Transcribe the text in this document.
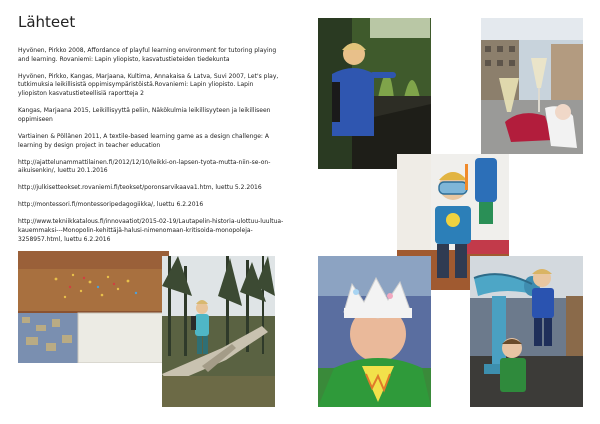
Lähteet

Hyvönen, Pirkko 2008, Affordance of playful learning environment for tutoring playing and learning. Rovaniemi: Lapin yliopisto, kasvatustieteiden tiedekunta

Hyvönen, Pirkko, Kangas, Marjaana, Kultima, Annakaisa & Latva, Suvi 2007, Let's play, tutkimuksia leikillisistä oppimisympäristöistä.Rovaniemi: Lapin yliopisto. Lapin yliopiston kasvatustieteellisiä raportteja 2

Kangas, Marjaana 2015, Leikillisyyttä peliin, Näkökulmia leikillisyyteen ja leikilliseen oppimiseen

Vartiainen & Pöllänen 2011, A textile-based learning game as a design challenge: A learning by design project in teacher education

http://ajattelunammattilainen.fi/2012/12/10/leikki-on-lapsen-tyota-mutta-niin-se-on-aikuisenkin/, luettu 20.1.2016

http://julkisetteokset.rovaniemi.fi/teokset/poronsarvikaava1.htm, luettu 5.2.2016

http://montessori.fi/montessoripedagogiikka/, luettu 6.2.2016

http://www.tekniikkatalous.fi/innovaatiot/2015-02-19/Lautapelin-historia-ulottuu-luultua-kauemmaksi---Monopolin-kehittäjä-halusi-nimenomaan-kritisoida-monopoleja-3258957.html, luettu 6.2.2016
